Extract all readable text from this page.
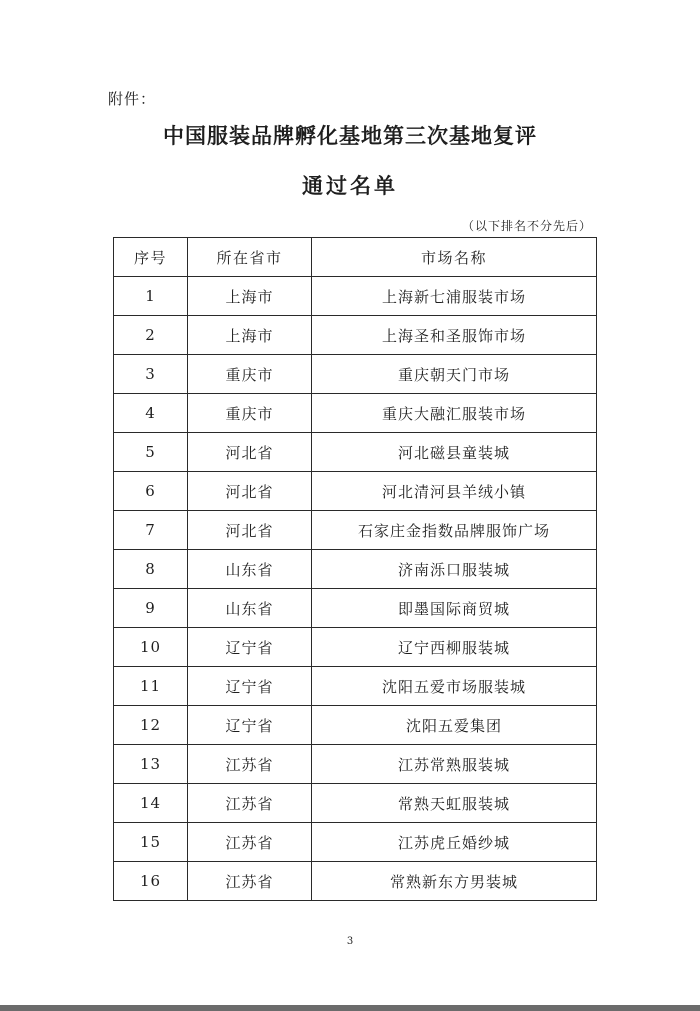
附件：
中国服装品牌孵化基地第三次基地复评
通过名单
（以下排名不分先后）
序号	所在省市	市场名称
1	上海市	上海新七浦服装市场
2	上海市	上海圣和圣服饰市场
3	重庆市	重庆朝天门市场
4	重庆市	重庆大融汇服装市场
5	河北省	河北磁县童装城
6	河北省	河北清河县羊绒小镇
7	河北省	石家庄金指数品牌服饰广场
8	山东省	济南泺口服装城
9	山东省	即墨国际商贸城
10	辽宁省	辽宁西柳服装城
11	辽宁省	沈阳五爱市场服装城
12	辽宁省	沈阳五爱集团
13	江苏省	江苏常熟服装城
14	江苏省	常熟天虹服装城
15	江苏省	江苏虎丘婚纱城
16	江苏省	常熟新东方男装城
3
